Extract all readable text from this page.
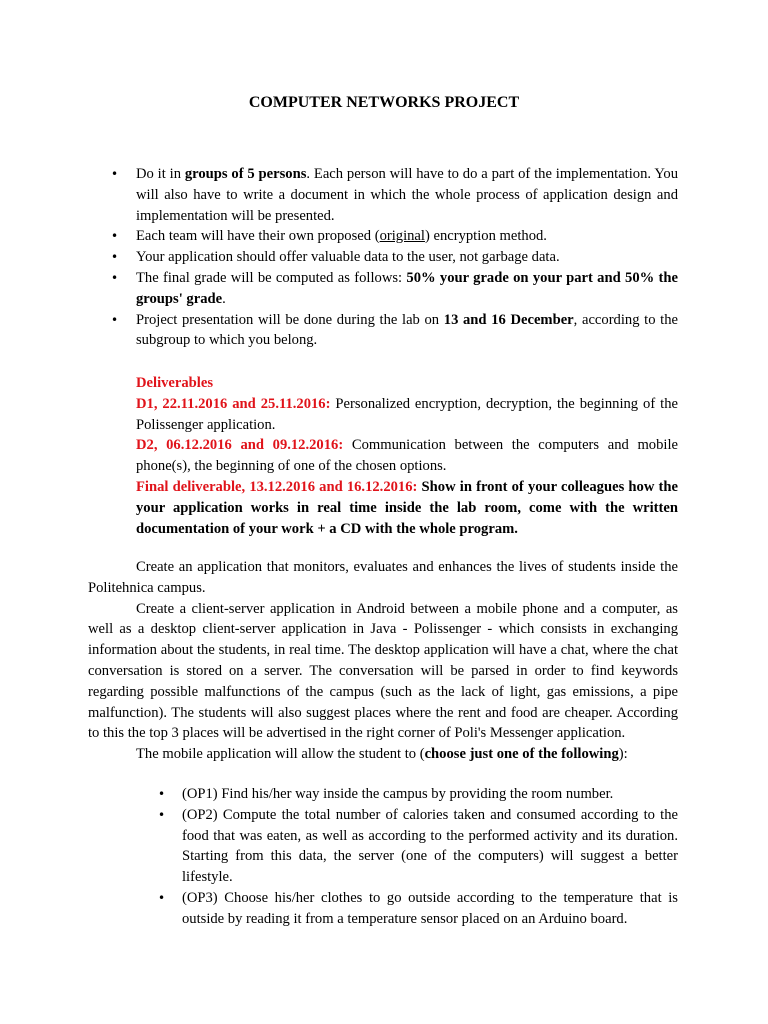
COMPUTER NETWORKS PROJECT
• Do it in groups of 5 persons. Each person will have to do a part of the implementation. You will also have to write a document in which the whole process of application design and implementation will be presented.
• Each team will have their own proposed (original) encryption method.
• Your application should offer valuable data to the user, not garbage data.
• The final grade will be computed as follows: 50% your grade on your part and 50% the groups' grade.
• Project presentation will be done during the lab on 13 and 16 December, according to the subgroup to which you belong.
Deliverables
D1, 22.11.2016 and 25.11.2016: Personalized encryption, decryption, the beginning of the Polissenger application.
D2, 06.12.2016 and 09.12.2016: Communication between the computers and mobile phone(s), the beginning of one of the chosen options.
Final deliverable, 13.12.2016 and 16.12.2016: Show in front of your colleagues how the your application works in real time inside the lab room, come with the written documentation of your work + a CD with the whole program.
Create an application that monitors, evaluates and enhances the lives of students inside the Politehnica campus.
Create a client-server application in Android between a mobile phone and a computer, as well as a desktop client-server application in Java - Polissenger - which consists in exchanging information about the students, in real time. The desktop application will have a chat, where the chat conversation is stored on a server. The conversation will be parsed in order to find keywords regarding possible malfunctions of the campus (such as the lack of light, gas emissions, a pipe malfunction). The students will also suggest places where the rent and food are cheaper. According to this the top 3 places will be advertised in the right corner of Poli's Messenger application.
The mobile application will allow the student to (choose just one of the following):
• (OP1) Find his/her way inside the campus by providing the room number.
• (OP2) Compute the total number of calories taken and consumed according to the food that was eaten, as well as according to the performed activity and its duration. Starting from this data, the server (one of the computers) will suggest a better lifestyle.
• (OP3) Choose his/her clothes to go outside according to the temperature that is outside by reading it from a temperature sensor placed on an Arduino board.
